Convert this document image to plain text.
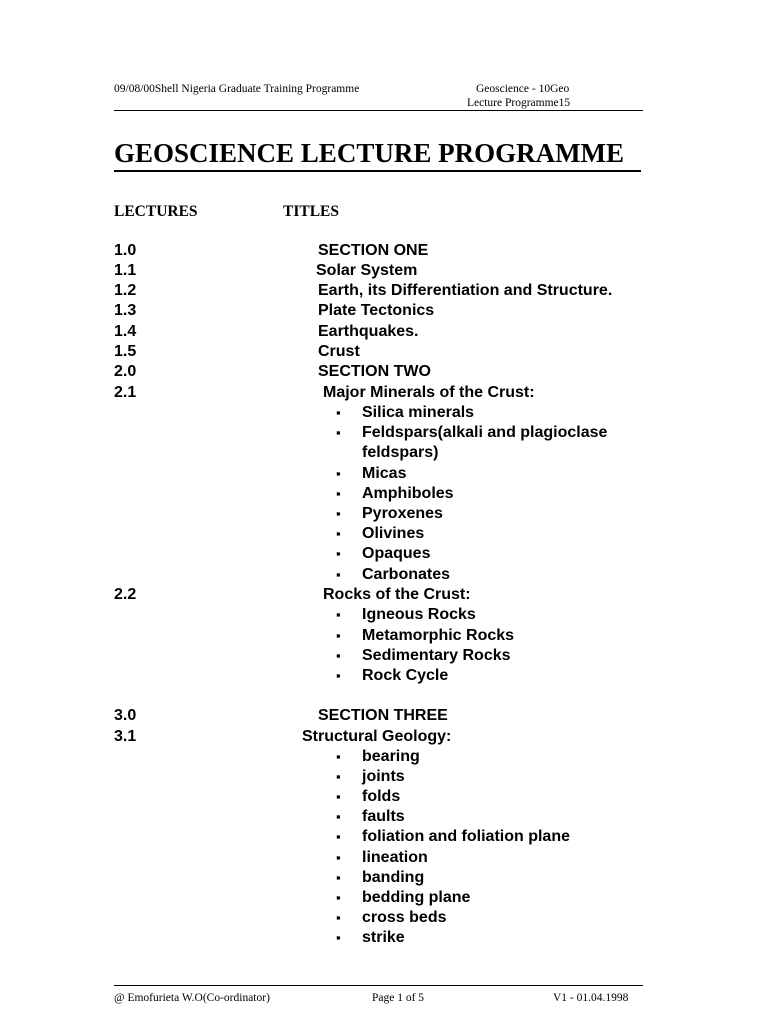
09/08/00Shell Nigeria Graduate Training Programme	Geoscience - 10Geo
Lecture Programme15
GEOSCIENCE LECTURE PROGRAMME
LECTURES	TITLES
1.0	SECTION ONE
1.1	Solar System
1.2	Earth, its Differentiation and Structure.
1.3	Plate Tectonics
1.4	Earthquakes.
1.5	Crust
2.0	SECTION TWO
2.1	Major Minerals of the Crust:
▪ Silica minerals
▪ Feldspars(alkali and plagioclase
feldspars)
▪ Micas
▪ Amphiboles
▪ Pyroxenes
▪ Olivines
▪ Opaques
▪ Carbonates
2.2	Rocks of the Crust:
▪ Igneous Rocks
▪ Metamorphic Rocks
▪ Sedimentary Rocks
▪ Rock Cycle
3.0	SECTION THREE
3.1	Structural Geology:
▪ bearing
▪ joints
▪ folds
▪ faults
▪ foliation and foliation plane
▪ lineation
▪ banding
▪ bedding plane
▪ cross beds
▪ strike
@ Emofurieta W.O(Co-ordinator)	Page 1 of 5	V1 - 01.04.1998
